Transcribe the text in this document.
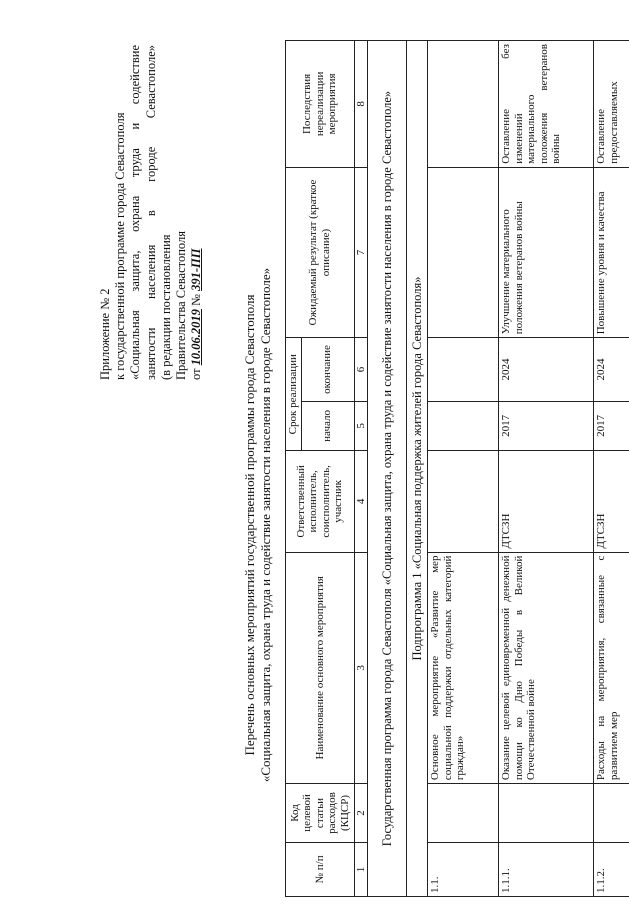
Приложение № 2 к государственной программе города Севастополя «Социальная защита, охрана труда и содействие занятости населения в городе Севастополе» (в редакции постановления Правительства Севастополя от 10.06.2019 № 391-ПП
Перечень основных мероприятий государственной программы города Севастополя «Социальная защита, охрана труда и содействие занятости населения в городе Севастополе»
№ п/п	Код целевой статьи расходов (КЦСР)	Наименование основного мероприятия	Ответственный исполнитель, соисполнитель, участник	Срок реализации		Ожидаемый результат (краткое описание)	Последствия нереализации мероприятия
				начало	окончание		
1	2	3	4	5	6	7	8
Государственная программа города Севастополя «Социальная защита, охрана труда и содействие занятости населения в городе Севастополе»							
Подпрограмма 1 «Социальная поддержка жителей города Севастополя»							
1.1.		Основное мероприятие «Развитие мер социальной поддержки отдельных категорий граждан»					
1.1.1.		Оказание целевой единовременной денежной помощи ко Дню Победы в Великой Отечественной войне	ДТСЗН	2017	2024	Улучшение материального положения ветеранов войны	Оставление без изменений материального положения ветеранов войны
1.1.2.		Расходы на мероприятия, связанные с развитием мер	ДТСЗН	2017	2024	Повышение уровня и качества	Оставление предоставляемых
